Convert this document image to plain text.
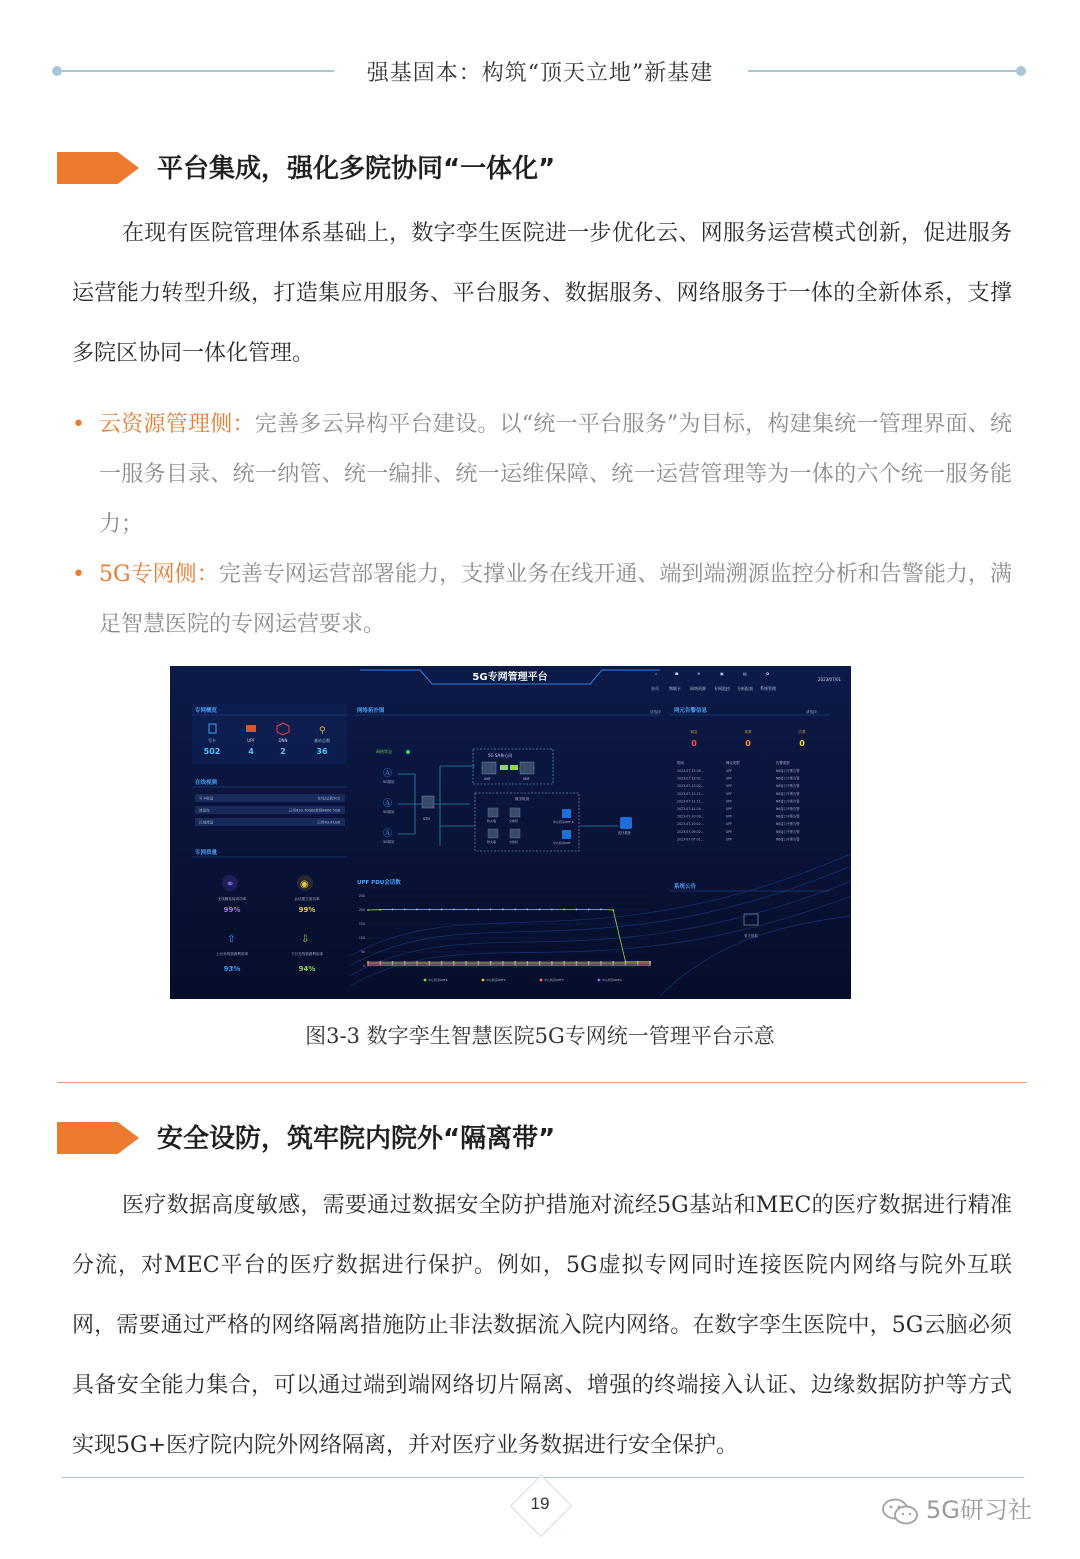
强基固本：构筑“顶天立地”新基建
平台集成，强化多院协同“一体化”
在现有医院管理体系基础上，数字孪生医院进一步优化云、网服务运营模式创新，促进服务运营能力转型升级，打造集应用服务、平台服务、数据服务、网络服务于一体的全新体系，支撑多院区协同一体化管理。
• 云资源管理侧：完善多云异构平台建设。以“统一平台服务”为目标，构建集统一管理界面、统一服务目录、统一纳管、统一编排、统一运维保障、统一运营管理等为一体的六个统一服务能力；
• 5G专网侧：完善专网运营部署能力，支撑业务在线开通、端到端溯源监控分析和告警能力，满足智慧医院的专网运营要求。
5G专网管理平台	⌂
首页
☗
物联卡
≋
网络资源
▣
专网监控
▤
分析报表
✿
系统管理
2023/07/01
专网概览
⚲
号卡	UPF	DNN	基站总数
502	4	2	36
在线视频
号卡数量	在线/总数502
流量包	已用410.70GB/套餐4800.5GB
区域流量	已用43.41GB
专网质量
⚭	◉
⇧	⇩
无线侧连接成功率	会话建立成功率
上行无线资源利用率	下行无线资源利用率
99%	99%
93%	94%
网络拓扑图	请选择
网络状态
Ⓐ
Ⓐ
Ⓐ
5G基站
5G基站
5G基站
STN
5G SA核心网
AMF	SMF
数字机房
防火墙	交换机
防火墙	交换机
中心机房UPF-1
中心机房UPF
医疗系统
网元告警信息	请选择
紧急	重要	次要
0	0	0
时间	网元类型	告警类型
2023-07-13 08...	UPF	N6接口中断告警
2023-07-13 02...	UPF	N6接口中断告警
2023-07-13 02...	UPF	N6接口中断告警
2023-07-12 11...	UPF	N6接口中断告警
2023-07-11 11...	UPF	N6接口中断告警
2023-07-11 04...	UPF	N6接口中断告警
2023-07-10 09...	UPF	N6接口中断告警
2023-07-10 02...	UPF	N6接口中断告警
2023-07-09 02...	UPF	N6接口中断告警
2023-07-07 01...	UPF	N6接口中断告警
系统公告
暂无数据
UPF PDU会话数
250
200
150
100
50
0
中心机房UPF1	中心机房UPF2	中心机房UPF3	中心机房UPF4
图3-3 数字孪生智慧医院5G专网统一管理平台示意
安全设防，筑牢院内院外“隔离带”
医疗数据高度敏感，需要通过数据安全防护措施对流经5G基站和MEC的医疗数据进行精准分流，对MEC平台的医疗数据进行保护。例如，5G虚拟专网同时连接医院内网络与院外互联网，需要通过严格的网络隔离措施防止非法数据流入院内网络。在数字孪生医院中，5G云脑必须具备安全能力集合，可以通过端到端网络切片隔离、增强的终端接入认证、边缘数据防护等方式实现5G+医疗院内院外网络隔离，并对医疗业务数据进行安全保护。
19	5G研习社
